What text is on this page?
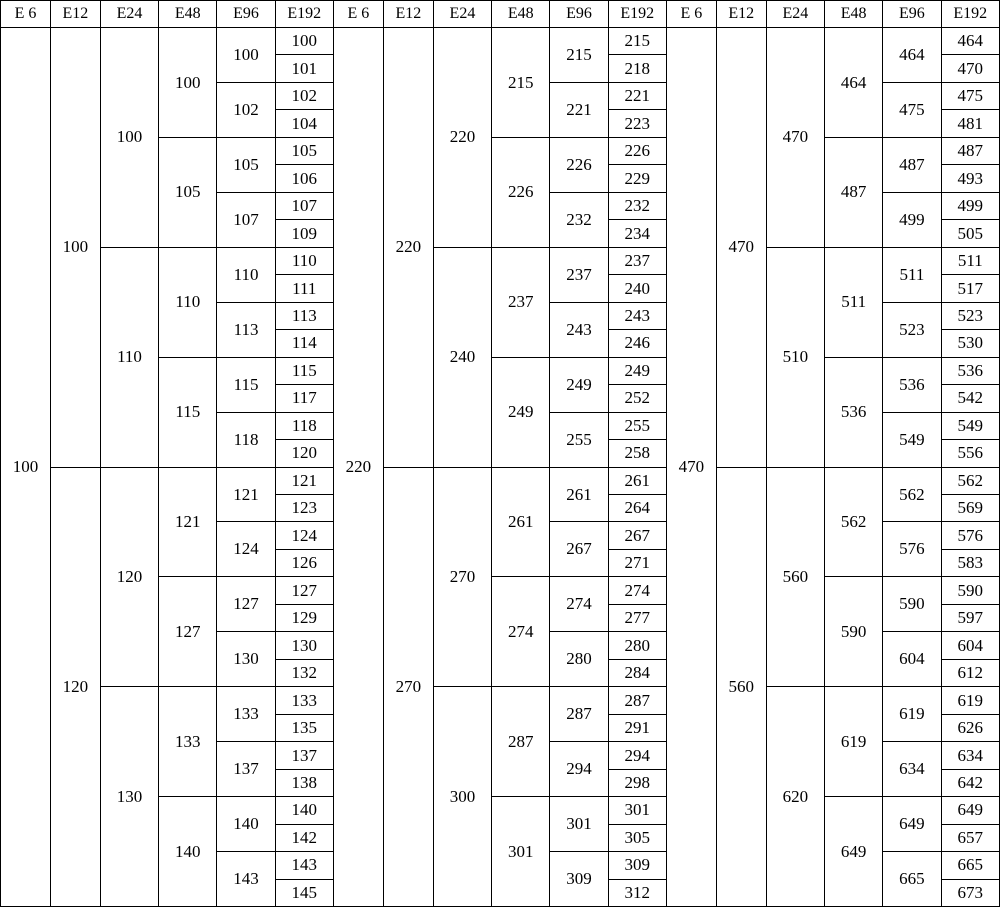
E 6	E12	E24	E48	E96	E192	E 6	E12	E24	E48	E96	E192	E 6	E12	E24	E48	E96	E192
100	100	100	100	100	100	220	220	220	215	215	215	470	470	470	464	464	464
					101						218						470
				102	102					221	221					475	475
					104						223						481
			105	105	105				226	226	226				487	487	487
					106						229						493
				107	107					232	232					499	499
					109						234						505
		110	110	110	110			240	237	237	237			510	511	511	511
					111						240						517
				113	113					243	243					523	523
					114						246						530
			115	115	115				249	249	249				536	536	536
					117						252						542
				118	118					255	255					549	549
					120						258						556
	120	120	121	121	121		270	270	261	261	261		560	560	562	562	562
					123						264						569
				124	124					267	267					576	576
					126						271						583
			127	127	127				274	274	274				590	590	590
					129						277						597
				130	130					280	280					604	604
					132						284						612
		130	133	133	133			300	287	287	287			620	619	619	619
					135						291						626
				137	137					294	294					634	634
					138						298						642
			140	140	140				301	301	301				649	649	649
					142						305						657
				143	143					309	309					665	665
					145						312						673
